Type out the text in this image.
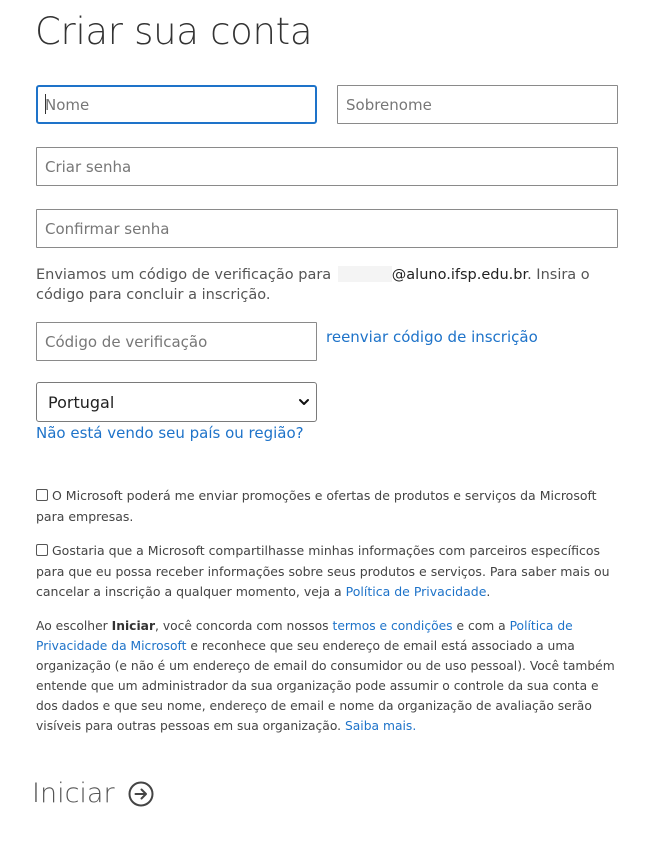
Criar sua conta
Nome
Sobrenome
Enviamos um código de verificação para	@aluno.ifsp.edu.br. Insira o código para concluir a inscrição.
Código de verificação
reenviar código de inscrição
Portugal
Não está vendo seu país ou região?
O Microsoft poderá me enviar promoções e ofertas de produtos e serviços da Microsoft para empresas.
Gostaria que a Microsoft compartilhasse minhas informações com parceiros específicos para que eu possa receber informações sobre seus produtos e serviços. Para saber mais ou cancelar a inscrição a qualquer momento, veja a Política de Privacidade.
Ao escolher Iniciar, você concorda com nossos termos e condições e com a Política de Privacidade da Microsoft e reconhece que seu endereço de email está associado a uma organização (e não é um endereço de email do consumidor ou de uso pessoal). Você também entende que um administrador da sua organização pode assumir o controle da sua conta e dos dados e que seu nome, endereço de email e nome da organização de avaliação serão visíveis para outras pessoas em sua organização. Saiba mais.
Iniciar
